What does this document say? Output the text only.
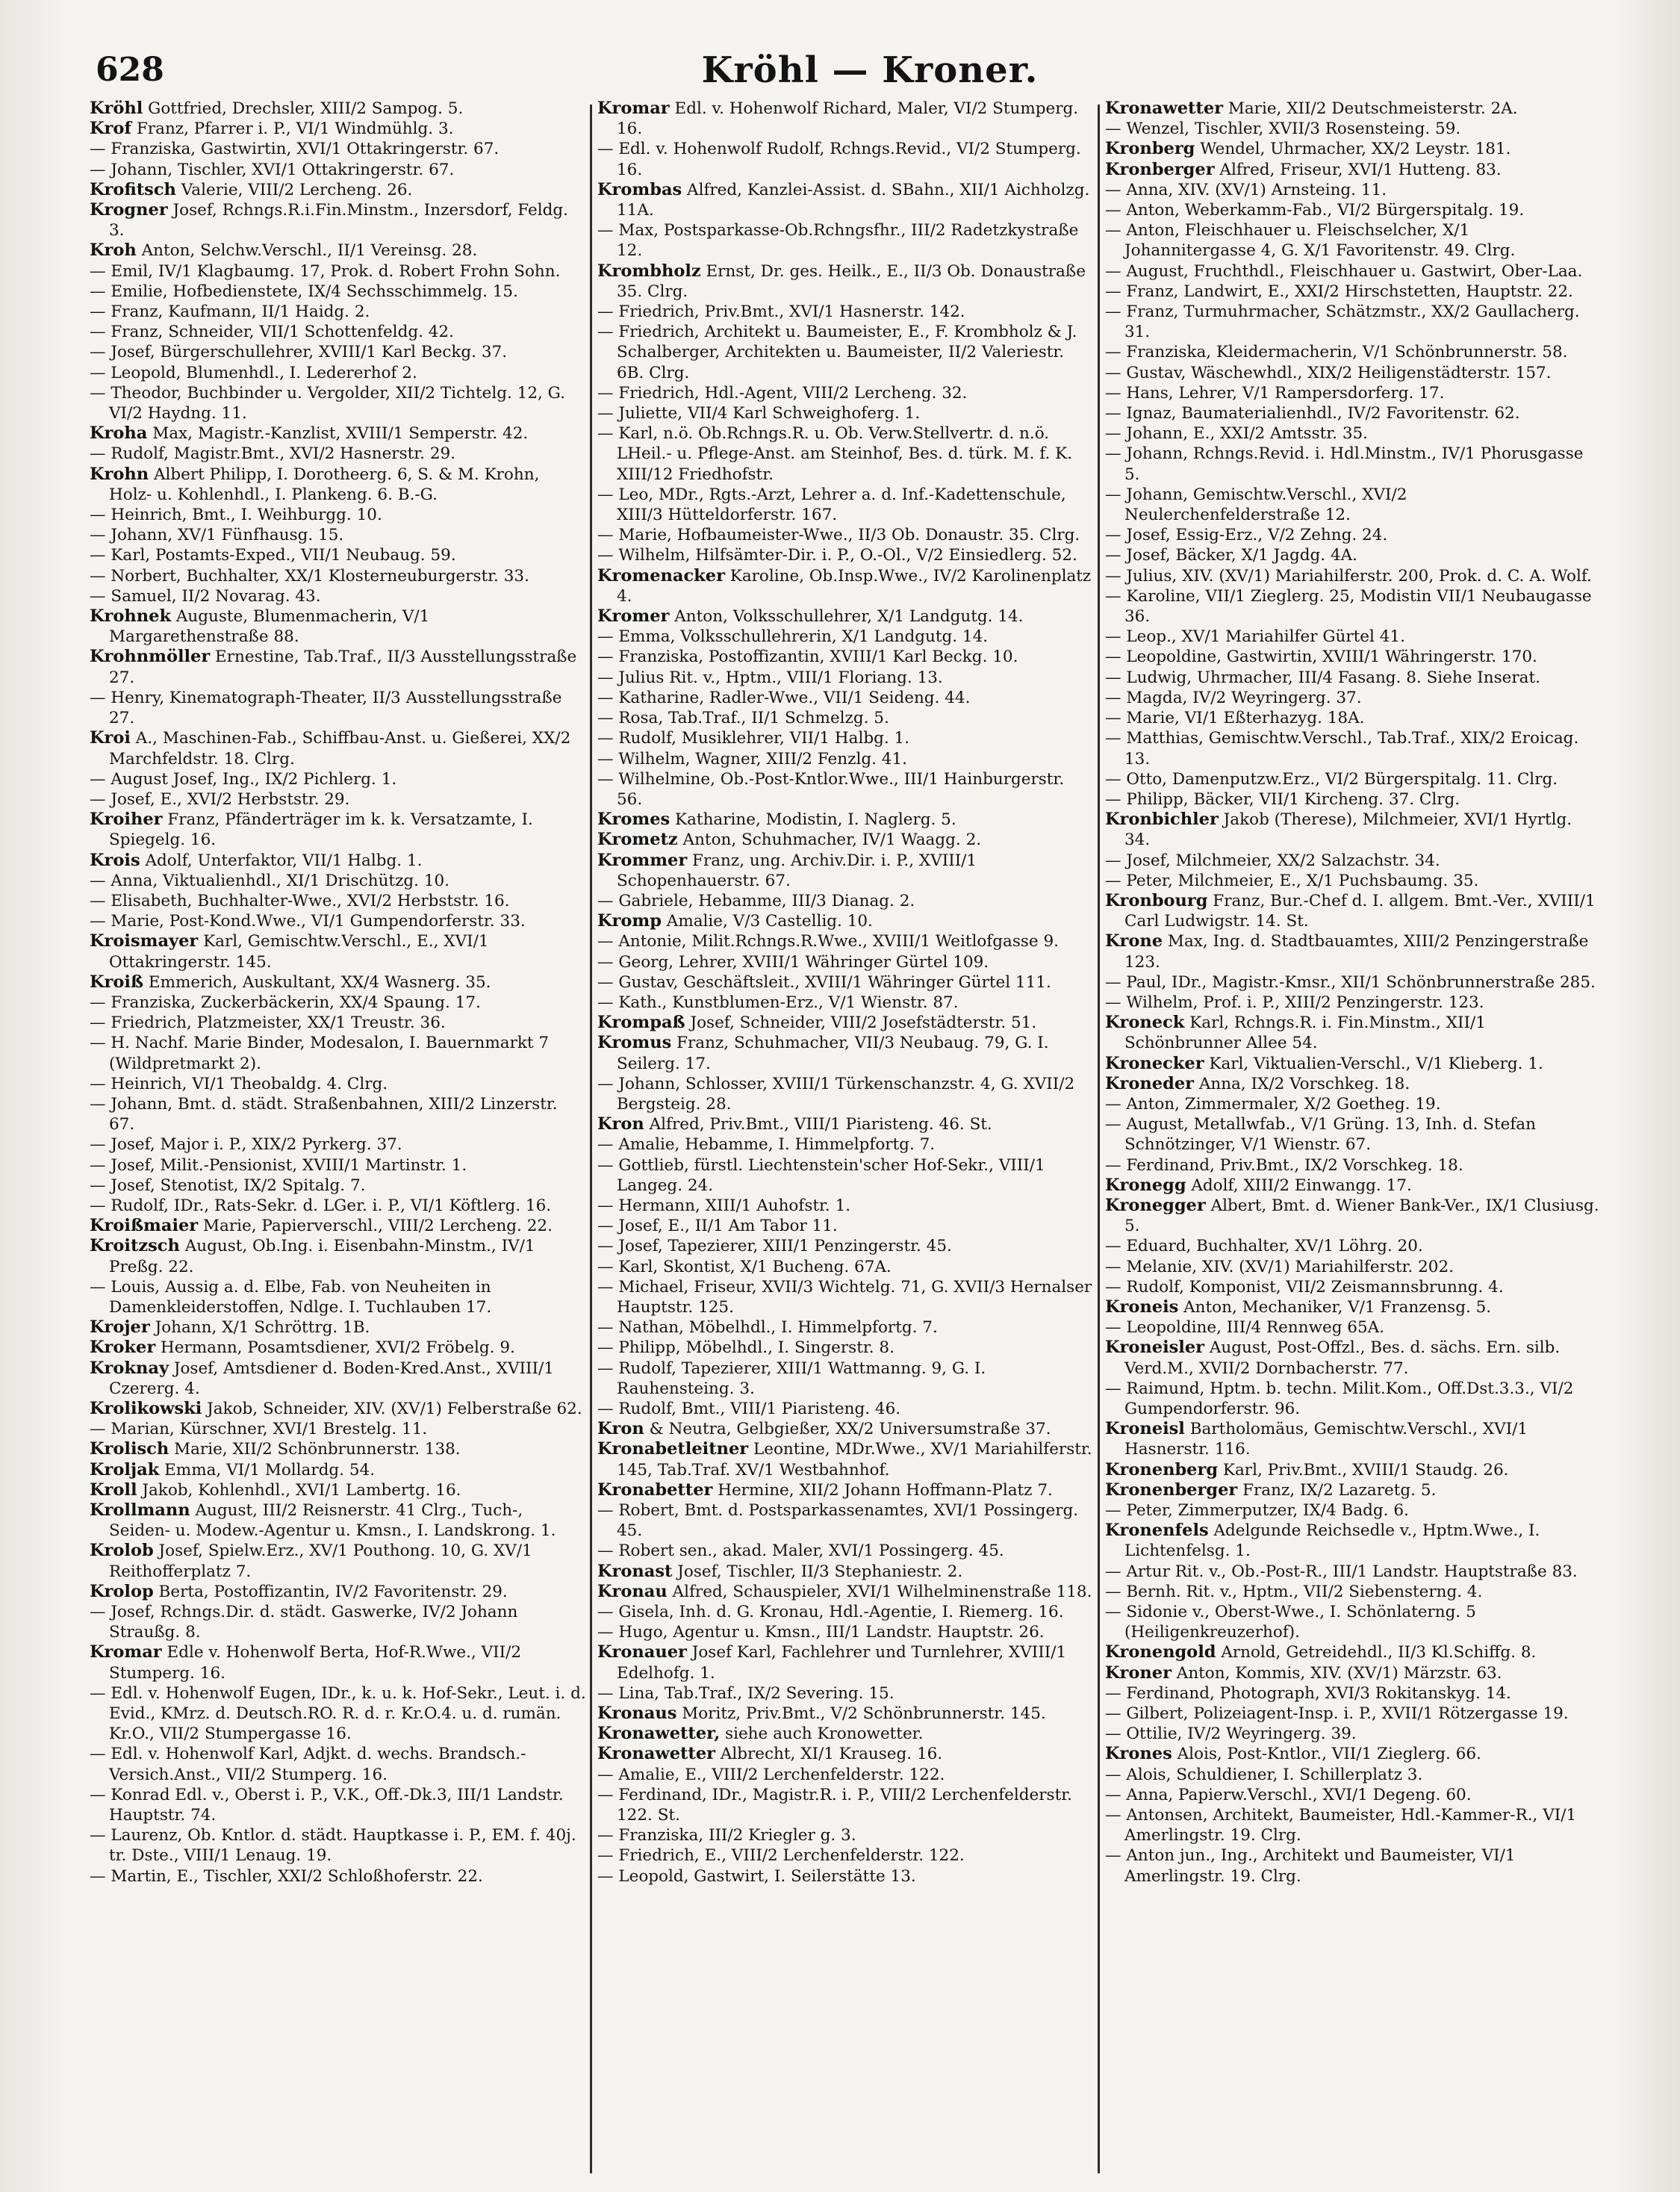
628	Kröhl — Kroner.

Kröhl Gottfried, Drechsler, XIII/2 Sampog. 5.

Krof Franz, Pfarrer i. P., VI/1 Windmühlg. 3.

— Franziska, Gastwirtin, XVI/1 Ottakringerstr. 67.

— Johann, Tischler, XVI/1 Ottakringerstr. 67.

Krofitsch Valerie, VIII/2 Lercheng. 26.

Krogner Josef, Rchngs.R.i.Fin.Minstm., Inzersdorf, Feldg. 3.

Kroh Anton, Selchw.Verschl., II/1 Vereinsg. 28.

— Emil, IV/1 Klagbaumg. 17, Prok. d. Robert Frohn Sohn.

— Emilie, Hofbedienstete, IX/4 Sechsschimmelg. 15.

— Franz, Kaufmann, II/1 Haidg. 2.

— Franz, Schneider, VII/1 Schottenfeldg. 42.

— Josef, Bürgerschullehrer, XVIII/1 Karl Beckg. 37.

— Leopold, Blumenhdl., I. Ledererhof 2.

— Theodor, Buchbinder u. Vergolder, XII/2 Tichtelg. 12, G. VI/2 Haydng. 11.

Kroha Max, Magistr.-Kanzlist, XVIII/1 Semperstr. 42.

— Rudolf, Magistr.Bmt., XVI/2 Hasnerstr. 29.

Krohn Albert Philipp, I. Dorotheerg. 6, S. & M. Krohn, Holz- u. Kohlenhdl., I. Plankeng. 6. B.-G.

— Heinrich, Bmt., I. Weihburgg. 10.

— Johann, XV/1 Fünfhausg. 15.

— Karl, Postamts-Exped., VII/1 Neubaug. 59.

— Norbert, Buchhalter, XX/1 Klosterneuburgerstr. 33.

— Samuel, II/2 Novarag. 43.

Krohnek Auguste, Blumenmacherin, V/1 Margarethenstraße 88.

Krohnmöller Ernestine, Tab.Traf., II/3 Ausstellungsstraße 27.

— Henry, Kinematograph-Theater, II/3 Ausstellungsstraße 27.

Kroi A., Maschinen-Fab., Schiffbau-Anst. u. Gießerei, XX/2 Marchfeldstr. 18. Clrg.

— August Josef, Ing., IX/2 Pichlerg. 1.

— Josef, E., XVI/2 Herbststr. 29.

Kroiher Franz, Pfänderträger im k. k. Versatzamte, I. Spiegelg. 16.

Krois Adolf, Unterfaktor, VII/1 Halbg. 1.

— Anna, Viktualienhdl., XI/1 Drischützg. 10.

— Elisabeth, Buchhalter-Wwe., XVI/2 Herbststr. 16.

— Marie, Post-Kond.Wwe., VI/1 Gumpendorferstr. 33.

Kroismayer Karl, Gemischtw.Verschl., E., XVI/1 Ottakringerstr. 145.

Kroiß Emmerich, Auskultant, XX/4 Wasnerg. 35.

— Franziska, Zuckerbäckerin, XX/4 Spaung. 17.

— Friedrich, Platzmeister, XX/1 Treustr. 36.

— H. Nachf. Marie Binder, Modesalon, I. Bauernmarkt 7 (Wildpretmarkt 2).

— Heinrich, VI/1 Theobaldg. 4. Clrg.

— Johann, Bmt. d. städt. Straßenbahnen, XIII/2 Linzerstr. 67.

— Josef, Major i. P., XIX/2 Pyrkerg. 37.

— Josef, Milit.-Pensionist, XVIII/1 Martinstr. 1.

— Josef, Stenotist, IX/2 Spitalg. 7.

— Rudolf, IDr., Rats-Sekr. d. LGer. i. P., VI/1 Köftlerg. 16.

Kroißmaier Marie, Papierverschl., VIII/2 Lercheng. 22.

Kroitzsch August, Ob.Ing. i. Eisenbahn-Minstm., IV/1 Preßg. 22.

— Louis, Aussig a. d. Elbe, Fab. von Neuheiten in Damenkleiderstoffen, Ndlge. I. Tuchlauben 17.

Krojer Johann, X/1 Schröttrg. 1B.

Kroker Hermann, Posamtsdiener, XVI/2 Fröbelg. 9.

Kroknay Josef, Amtsdiener d. Boden-Kred.Anst., XVIII/1 Czererg. 4.

Krolikowski Jakob, Schneider, XIV. (XV/1) Felberstraße 62.

— Marian, Kürschner, XVI/1 Brestelg. 11.

Krolisch Marie, XII/2 Schönbrunnerstr. 138.

Kroljak Emma, VI/1 Mollardg. 54.

Kroll Jakob, Kohlenhdl., XVI/1 Lambertg. 16.

Krollmann August, III/2 Reisnerstr. 41 Clrg., Tuch-, Seiden- u. Modew.-Agentur u. Kmsn., I. Landskrong. 1.

Krolob Josef, Spielw.Erz., XV/1 Pouthong. 10, G. XV/1 Reithofferplatz 7.

Krolop Berta, Postoffizantin, IV/2 Favoritenstr. 29.

— Josef, Rchngs.Dir. d. städt. Gaswerke, IV/2 Johann Straußg. 8.

Kromar Edle v. Hohenwolf Berta, Hof-R.Wwe., VII/2 Stumperg. 16.

— Edl. v. Hohenwolf Eugen, IDr., k. u. k. Hof-Sekr., Leut. i. d. Evid., KMrz. d. Deutsch.RO. R. d. r. Kr.O.4. u. d. rumän. Kr.O., VII/2 Stumpergasse 16.

— Edl. v. Hohenwolf Karl, Adjkt. d. wechs. Brandsch.-Versich.Anst., VII/2 Stumperg. 16.

— Konrad Edl. v., Oberst i. P., V.K., Off.-Dk.3, III/1 Landstr. Hauptstr. 74.

— Laurenz, Ob. Kntlor. d. städt. Hauptkasse i. P., EM. f. 40j. tr. Dste., VIII/1 Lenaug. 19.

— Martin, E., Tischler, XXI/2 Schloßhoferstr. 22.

Kromar Edl. v. Hohenwolf Richard, Maler, VI/2 Stumperg. 16.

— Edl. v. Hohenwolf Rudolf, Rchngs.Revid., VI/2 Stumperg. 16.

Krombas Alfred, Kanzlei-Assist. d. SBahn., XII/1 Aichholzg. 11A.

— Max, Postsparkasse-Ob.Rchngsfhr., III/2 Radetzkystraße 12.

Krombholz Ernst, Dr. ges. Heilk., E., II/3 Ob. Donaustraße 35. Clrg.

— Friedrich, Priv.Bmt., XVI/1 Hasnerstr. 142.

— Friedrich, Architekt u. Baumeister, E., F. Krombholz & J. Schalberger, Architekten u. Baumeister, II/2 Valeriestr. 6B. Clrg.

— Friedrich, Hdl.-Agent, VIII/2 Lercheng. 32.

— Juliette, VII/4 Karl Schweighoferg. 1.

— Karl, n.ö. Ob.Rchngs.R. u. Ob. Verw.Stellvertr. d. n.ö. LHeil.- u. Pflege-Anst. am Steinhof, Bes. d. türk. M. f. K. XIII/12 Friedhofstr.

— Leo, MDr., Rgts.-Arzt, Lehrer a. d. Inf.-Kadettenschule, XIII/3 Hütteldorferstr. 167.

— Marie, Hofbaumeister-Wwe., II/3 Ob. Donaustr. 35. Clrg.

— Wilhelm, Hilfsämter-Dir. i. P., O.-Ol., V/2 Einsiedlerg. 52.

Kromenacker Karoline, Ob.Insp.Wwe., IV/2 Karolinenplatz 4.

Kromer Anton, Volksschullehrer, X/1 Landgutg. 14.

— Emma, Volksschullehrerin, X/1 Landgutg. 14.

— Franziska, Postoffizantin, XVIII/1 Karl Beckg. 10.

— Julius Rit. v., Hptm., VIII/1 Floriang. 13.

— Katharine, Radler-Wwe., VII/1 Seideng. 44.

— Rosa, Tab.Traf., II/1 Schmelzg. 5.

— Rudolf, Musiklehrer, VII/1 Halbg. 1.

— Wilhelm, Wagner, XIII/2 Fenzlg. 41.

— Wilhelmine, Ob.-Post-Kntlor.Wwe., III/1 Hainburgerstr. 56.

Kromes Katharine, Modistin, I. Naglerg. 5.

Krometz Anton, Schuhmacher, IV/1 Waagg. 2.

Krommer Franz, ung. Archiv.Dir. i. P., XVIII/1 Schopenhauerstr. 67.

— Gabriele, Hebamme, III/3 Dianag. 2.

Kromp Amalie, V/3 Castellig. 10.

— Antonie, Milit.Rchngs.R.Wwe., XVIII/1 Weitlofgasse 9.

— Georg, Lehrer, XVIII/1 Währinger Gürtel 109.

— Gustav, Geschäftsleit., XVIII/1 Währinger Gürtel 111.

— Kath., Kunstblumen-Erz., V/1 Wienstr. 87.

Krompaß Josef, Schneider, VIII/2 Josefstädterstr. 51.

Kromus Franz, Schuhmacher, VII/3 Neubaug. 79, G. I. Seilerg. 17.

— Johann, Schlosser, XVIII/1 Türkenschanzstr. 4, G. XVII/2 Bergsteig. 28.

Kron Alfred, Priv.Bmt., VIII/1 Piaristeng. 46. St.

— Amalie, Hebamme, I. Himmelpfortg. 7.

— Gottlieb, fürstl. Liechtenstein'scher Hof-Sekr., VIII/1 Langeg. 24.

— Hermann, XIII/1 Auhofstr. 1.

— Josef, E., II/1 Am Tabor 11.

— Josef, Tapezierer, XIII/1 Penzingerstr. 45.

— Karl, Skontist, X/1 Bucheng. 67A.

— Michael, Friseur, XVII/3 Wichtelg. 71, G. XVII/3 Hernalser Hauptstr. 125.

— Nathan, Möbelhdl., I. Himmelpfortg. 7.

— Philipp, Möbelhdl., I. Singerstr. 8.

— Rudolf, Tapezierer, XIII/1 Wattmanng. 9, G. I. Rauhensteing. 3.

— Rudolf, Bmt., VIII/1 Piaristeng. 46.

Kron & Neutra, Gelbgießer, XX/2 Universumstraße 37.

Kronabetleitner Leontine, MDr.Wwe., XV/1 Mariahilferstr. 145, Tab.Traf. XV/1 Westbahnhof.

Kronabetter Hermine, XII/2 Johann Hoffmann-Platz 7.

— Robert, Bmt. d. Postsparkassenamtes, XVI/1 Possingerg. 45.

— Robert sen., akad. Maler, XVI/1 Possingerg. 45.

Kronast Josef, Tischler, II/3 Stephaniestr. 2.

Kronau Alfred, Schauspieler, XVI/1 Wilhelminenstraße 118.

— Gisela, Inh. d. G. Kronau, Hdl.-Agentie, I. Riemerg. 16.

— Hugo, Agentur u. Kmsn., III/1 Landstr. Hauptstr. 26.

Kronauer Josef Karl, Fachlehrer und Turnlehrer, XVIII/1 Edelhofg. 1.

— Lina, Tab.Traf., IX/2 Severing. 15.

Kronaus Moritz, Priv.Bmt., V/2 Schönbrunnerstr. 145.

Kronawetter, siehe auch Kronowetter.

Kronawetter Albrecht, XI/1 Krauseg. 16.

— Amalie, E., VIII/2 Lerchenfelderstr. 122.

— Ferdinand, IDr., Magistr.R. i. P., VIII/2 Lerchenfelderstr. 122. St.

— Franziska, III/2 Kriegler g. 3.

— Friedrich, E., VIII/2 Lerchenfelderstr. 122.

— Leopold, Gastwirt, I. Seilerstätte 13.

Kronawetter Marie, XII/2 Deutschmeisterstr. 2A.

— Wenzel, Tischler, XVII/3 Rosensteing. 59.

Kronberg Wendel, Uhrmacher, XX/2 Leystr. 181.

Kronberger Alfred, Friseur, XVI/1 Hutteng. 83.

— Anna, XIV. (XV/1) Arnsteing. 11.

— Anton, Weberkamm-Fab., VI/2 Bürgerspitalg. 19.

— Anton, Fleischhauer u. Fleischselcher, X/1 Johannitergasse 4, G. X/1 Favoritenstr. 49. Clrg.

— August, Fruchthdl., Fleischhauer u. Gastwirt, Ober-Laa.

— Franz, Landwirt, E., XXI/2 Hirschstetten, Hauptstr. 22.

— Franz, Turmuhrmacher, Schätzmstr., XX/2 Gaullacherg. 31.

— Franziska, Kleidermacherin, V/1 Schönbrunnerstr. 58.

— Gustav, Wäschewhdl., XIX/2 Heiligenstädterstr. 157.

— Hans, Lehrer, V/1 Rampersdorferg. 17.

— Ignaz, Baumaterialienhdl., IV/2 Favoritenstr. 62.

— Johann, E., XXI/2 Amtsstr. 35.

— Johann, Rchngs.Revid. i. Hdl.Minstm., IV/1 Phorusgasse 5.

— Johann, Gemischtw.Verschl., XVI/2 Neulerchenfelderstraße 12.

— Josef, Essig-Erz., V/2 Zehng. 24.

— Josef, Bäcker, X/1 Jagdg. 4A.

— Julius, XIV. (XV/1) Mariahilferstr. 200, Prok. d. C. A. Wolf.

— Karoline, VII/1 Zieglerg. 25, Modistin VII/1 Neubaugasse 36.

— Leop., XV/1 Mariahilfer Gürtel 41.

— Leopoldine, Gastwirtin, XVIII/1 Währingerstr. 170.

— Ludwig, Uhrmacher, III/4 Fasang. 8. Siehe Inserat.

— Magda, IV/2 Weyringerg. 37.

— Marie, VI/1 Eßterhazyg. 18A.

— Matthias, Gemischtw.Verschl., Tab.Traf., XIX/2 Eroicag. 13.

— Otto, Damenputzw.Erz., VI/2 Bürgerspitalg. 11. Clrg.

— Philipp, Bäcker, VII/1 Kircheng. 37. Clrg.

Kronbichler Jakob (Therese), Milchmeier, XVI/1 Hyrtlg. 34.

— Josef, Milchmeier, XX/2 Salzachstr. 34.

— Peter, Milchmeier, E., X/1 Puchsbaumg. 35.

Kronbourg Franz, Bur.-Chef d. I. allgem. Bmt.-Ver., XVIII/1 Carl Ludwigstr. 14. St.

Krone Max, Ing. d. Stadtbauamtes, XIII/2 Penzingerstraße 123.

— Paul, IDr., Magistr.-Kmsr., XII/1 Schönbrunnerstraße 285.

— Wilhelm, Prof. i. P., XIII/2 Penzingerstr. 123.

Kroneck Karl, Rchngs.R. i. Fin.Minstm., XII/1 Schönbrunner Allee 54.

Kronecker Karl, Viktualien-Verschl., V/1 Klieberg. 1.

Kroneder Anna, IX/2 Vorschkeg. 18.

— Anton, Zimmermaler, X/2 Goetheg. 19.

— August, Metallwfab., V/1 Grüng. 13, Inh. d. Stefan Schnötzinger, V/1 Wienstr. 67.

— Ferdinand, Priv.Bmt., IX/2 Vorschkeg. 18.

Kronegg Adolf, XIII/2 Einwangg. 17.

Kronegger Albert, Bmt. d. Wiener Bank-Ver., IX/1 Clusiusg. 5.

— Eduard, Buchhalter, XV/1 Löhrg. 20.

— Melanie, XIV. (XV/1) Mariahilferstr. 202.

— Rudolf, Komponist, VII/2 Zeismannsbrunng. 4.

Kroneis Anton, Mechaniker, V/1 Franzensg. 5.

— Leopoldine, III/4 Rennweg 65A.

Kroneisler August, Post-Offzl., Bes. d. sächs. Ern. silb. Verd.M., XVII/2 Dornbacherstr. 77.

— Raimund, Hptm. b. techn. Milit.Kom., Off.Dst.3.3., VI/2 Gumpendorferstr. 96.

Kroneisl Bartholomäus, Gemischtw.Verschl., XVI/1 Hasnerstr. 116.

Kronenberg Karl, Priv.Bmt., XVIII/1 Staudg. 26.

Kronenberger Franz, IX/2 Lazaretg. 5.

— Peter, Zimmerputzer, IX/4 Badg. 6.

Kronenfels Adelgunde Reichsedle v., Hptm.Wwe., I. Lichtenfelsg. 1.

— Artur Rit. v., Ob.-Post-R., III/1 Landstr. Hauptstraße 83.

— Bernh. Rit. v., Hptm., VII/2 Siebensterng. 4.

— Sidonie v., Oberst-Wwe., I. Schönlaterng. 5 (Heiligenkreuzerhof).

Kronengold Arnold, Getreidehdl., II/3 Kl.Schiffg. 8.

Kroner Anton, Kommis, XIV. (XV/1) Märzstr. 63.

— Ferdinand, Photograph, XVI/3 Rokitanskyg. 14.

— Gilbert, Polizeiagent-Insp. i. P., XVII/1 Rötzergasse 19.

— Ottilie, IV/2 Weyringerg. 39.

Krones Alois, Post-Kntlor., VII/1 Zieglerg. 66.

— Alois, Schuldiener, I. Schillerplatz 3.

— Anna, Papierw.Verschl., XVI/1 Degeng. 60.

— Antonsen, Architekt, Baumeister, Hdl.-Kammer-R., VI/1 Amerlingstr. 19. Clrg.

— Anton jun., Ing., Architekt und Baumeister, VI/1 Amerlingstr. 19. Clrg.
